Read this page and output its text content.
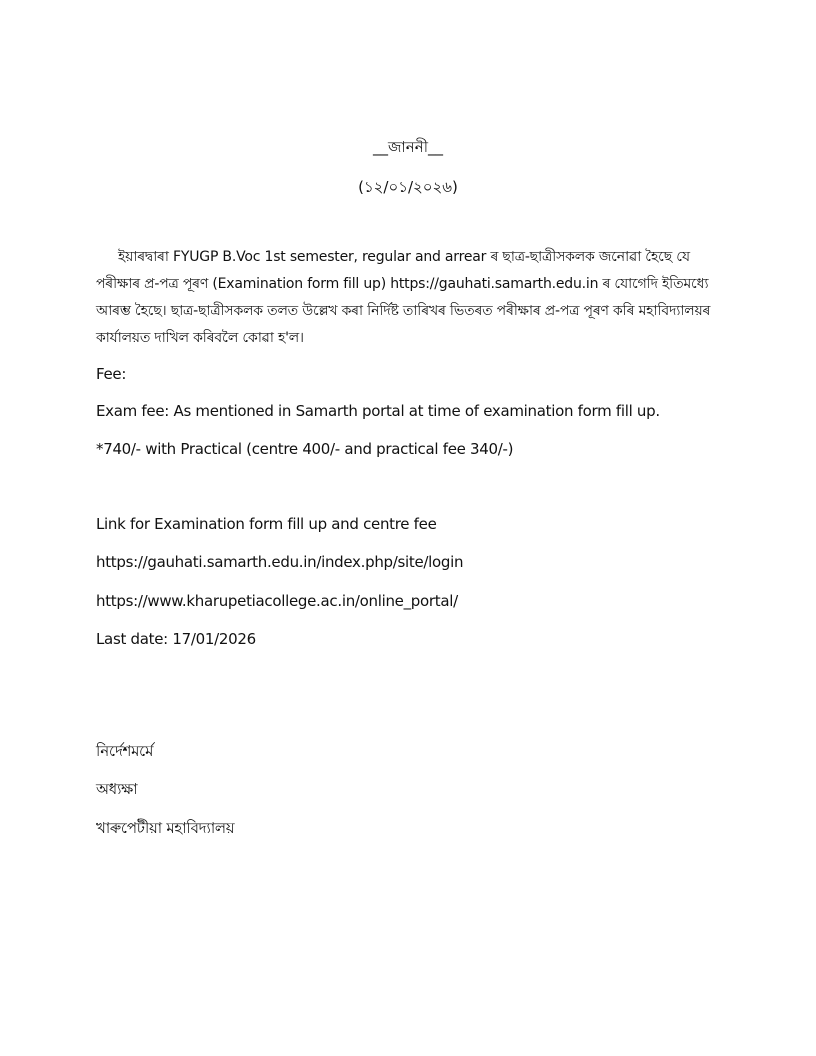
__জাননী__
(১২/০১/২০২৬)
ইয়াৰদ্বাৰা FYUGP B.Voc 1st semester, regular and arrear ৰ ছাত্ৰ-ছাত্ৰীসকলক জনোৱা হৈছে যে পৰীক্ষাৰ প্ৰ-পত্ৰ পূৰণ (Examination form fill up) https://gauhati.samarth.edu.in ৰ যোগেদি ইতিমধ্যে আৰম্ভ হৈছে। ছাত্ৰ-ছাত্ৰীসকলক তলত উল্লেখ কৰা নিৰ্দিষ্ট তাৰিখৰ ভিতৰত পৰীক্ষাৰ প্ৰ-পত্ৰ পূৰণ কৰি মহাবিদ্যালয়ৰ কাৰ্যালয়ত দাখিল কৰিবলৈ কোৱা হ'ল।
Fee:
Exam fee: As mentioned in Samarth portal at time of examination form fill up.
*740/- with Practical (centre 400/- and practical fee 340/-)
Link for Examination form fill up and centre fee
https://gauhati.samarth.edu.in/index.php/site/login
https://www.kharupetiacollege.ac.in/online_portal/
Last date: 17/01/2026
নিৰ্দেশমৰ্মে
অধ্যক্ষা
খাৰুপেটীয়া মহাবিদ্যালয়
